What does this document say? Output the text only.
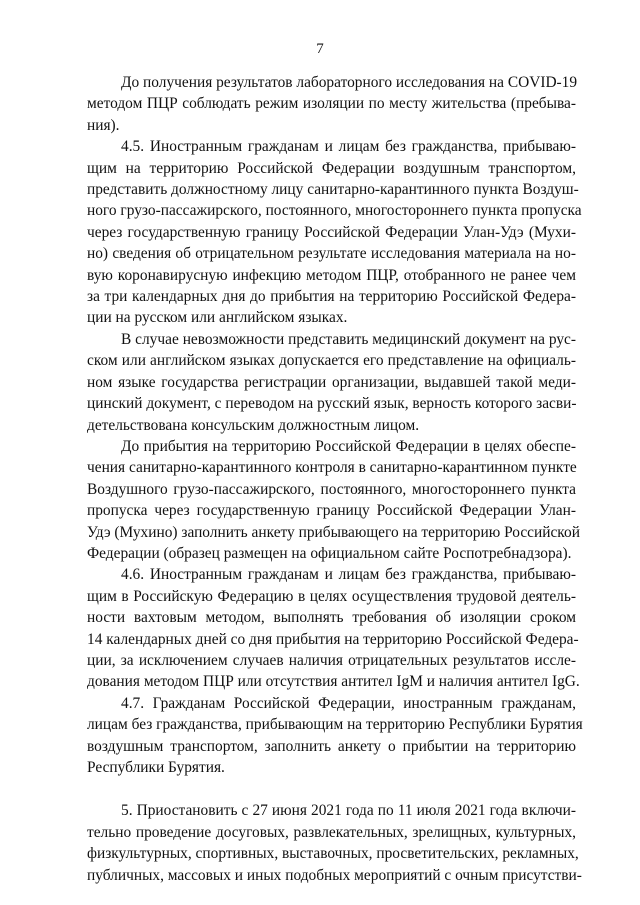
7
До получения результатов лабораторного исследования на COVID-19
методом ПЦР соблюдать режим изоляции по месту жительства (пребыва-
ния).
4.5. Иностранным гражданам и лицам без гражданства, прибываю-
щим на территорию Российской Федерации воздушным транспортом,
представить должностному лицу санитарно-карантинного пункта Воздуш-
ного грузо-пассажирского, постоянного, многостороннего пункта пропуска
через государственную границу Российской Федерации Улан-Удэ (Мухи-
но) сведения об отрицательном результате исследования материала на но-
вую коронавирусную инфекцию методом ПЦР, отобранного не ранее чем
за три календарных дня до прибытия на территорию Российской Федера-
ции на русском или английском языках.
В случае невозможности представить медицинский документ на рус-
ском или английском языках допускается его представление на официаль-
ном языке государства регистрации организации, выдавшей такой меди-
цинский документ, с переводом на русский язык, верность которого засви-
детельствована консульским должностным лицом.
До прибытия на территорию Российской Федерации в целях обеспе-
чения санитарно-карантинного контроля в санитарно-карантинном пункте
Воздушного грузо-пассажирского, постоянного, многостороннего пункта
пропуска через государственную границу Российской Федерации Улан-
Удэ (Мухино) заполнить анкету прибывающего на территорию Российской
Федерации (образец размещен на официальном сайте Роспотребнадзора).
4.6. Иностранным гражданам и лицам без гражданства, прибываю-
щим в Российскую Федерацию в целях осуществления трудовой деятель-
ности вахтовым методом, выполнять требования об изоляции сроком
14 календарных дней со дня прибытия на территорию Российской Федера-
ции, за исключением случаев наличия отрицательных результатов иссле-
дования методом ПЦР или отсутствия антител IgM и наличия антител IgG.
4.7. Гражданам Российской Федерации, иностранным гражданам,
лицам без гражданства, прибывающим на территорию Республики Бурятия
воздушным транспортом, заполнить анкету о прибытии на территорию
Республики Бурятия.
5. Приостановить с 27 июня 2021 года по 11 июля 2021 года включи-
тельно проведение досуговых, развлекательных, зрелищных, культурных,
физкультурных, спортивных, выставочных, просветительских, рекламных,
публичных, массовых и иных подобных мероприятий с очным присутстви-
